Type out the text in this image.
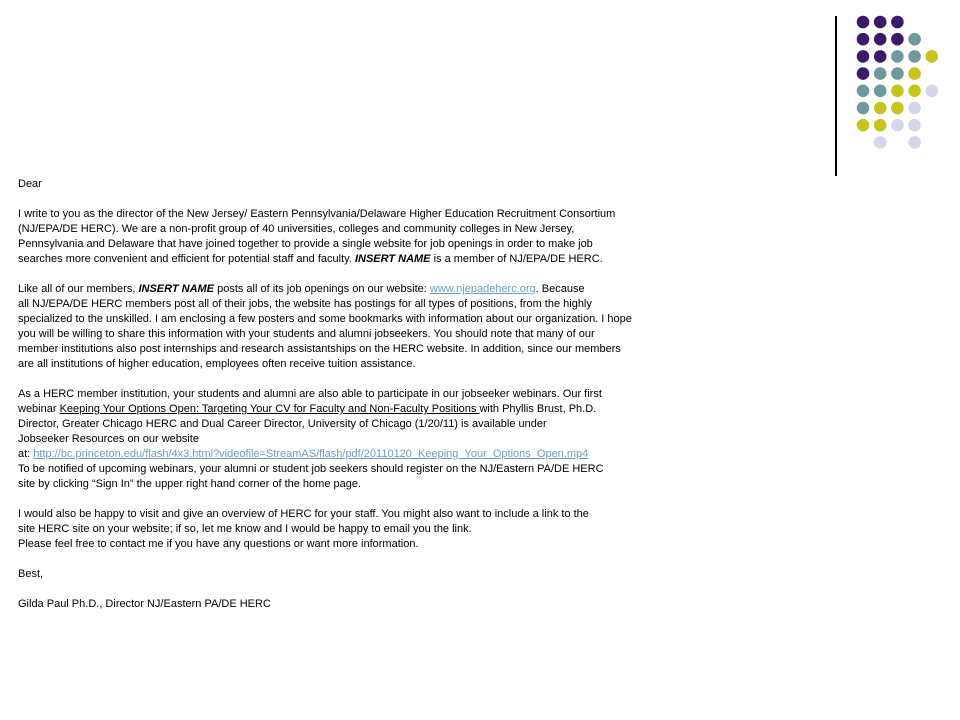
Dear
I write to you as the director of the New Jersey/ Eastern Pennsylvania/Delaware Higher Education Recruitment Consortium
(NJ/EPA/DE HERC). We are a non-profit group of 40 universities, colleges and community colleges in New Jersey,
Pennsylvania and Delaware that have joined together to provide a single website for job openings in order to make job
searches more convenient and efficient for potential staff and faculty. INSERT NAME is a member of NJ/EPA/DE HERC.
Like all of our members, INSERT NAME posts all of its job openings on our website: www.njepadeherc.org. Because
all NJ/EPA/DE HERC members post all of their jobs, the website has postings for all types of positions, from the highly
specialized to the unskilled. I am enclosing a few posters and some bookmarks with information about our organization. I hope
you will be willing to share this information with your students and alumni jobseekers. You should note that many of our
member institutions also post internships and research assistantships on the HERC website. In addition, since our members
are all institutions of higher education, employees often receive tuition assistance.
As a HERC member institution, your students and alumni are also able to participate in our jobseeker webinars. Our first
webinar Keeping Your Options Open: Targeting Your CV for Faculty and Non-Faculty Positions with Phyllis Brust, Ph.D.
Director, Greater Chicago HERC and Dual Career Director, University of Chicago (1/20/11) is available under
Jobseeker Resources on our website
at: http://bc.princeton.edu/flash/4x3.html?videofile=StreamAS/flash/pdf/20110120_Keeping_Your_Options_Open.mp4
To be notified of upcoming webinars, your alumni or student job seekers should register on the NJ/Eastern PA/DE HERC
site by clicking “Sign In” the upper right hand corner of the home page.
I would also be happy to visit and give an overview of HERC for your staff. You might also want to include a link to the
site HERC site on your website; if so, let me know and I would be happy to email you the link.
Please feel free to contact me if you have any questions or want more information.
Best,
Gilda Paul Ph.D., Director NJ/Eastern PA/DE HERC
